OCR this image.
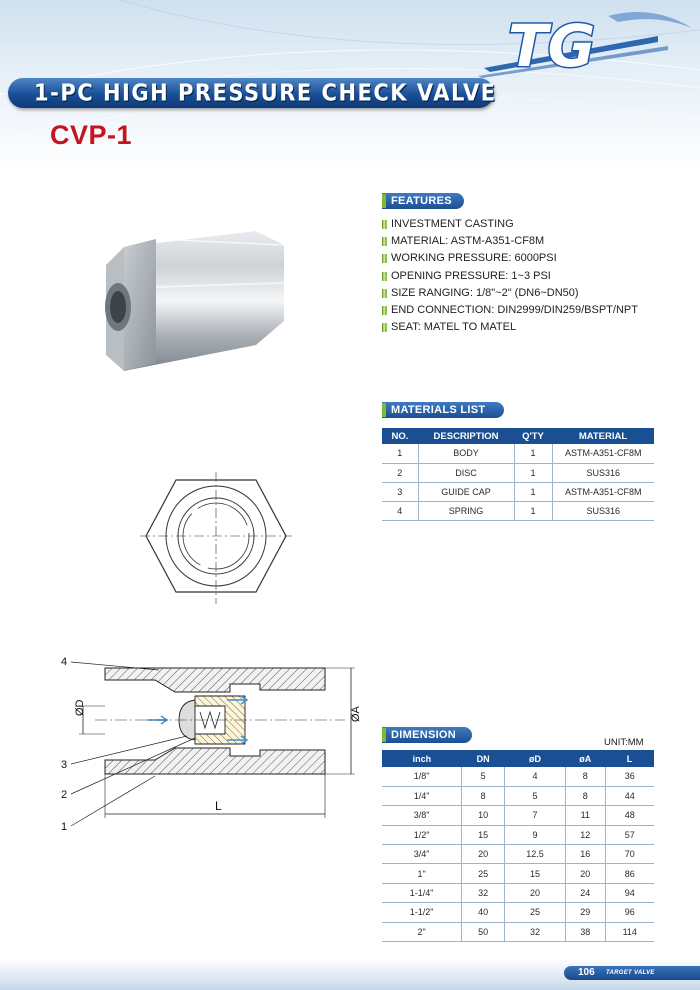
TG
1-PC HIGH PRESSURE CHECK VALVE
CVP-1
FEATURES
INVESTMENT CASTING
MATERIAL: ASTM-A351-CF8M
WORKING PRESSURE: 6000PSI
OPENING PRESSURE: 1~3 PSI
SIZE RANGING: 1/8"~2" (DN6~DN50)
END CONNECTION: DIN2999/DIN259/BSPT/NPT
SEAT: MATEL TO MATEL
MATERIALS LIST
NO.	DESCRIPTION	Q'TY	MATERIAL
1	BODY	1	ASTM-A351-CF8M
2	DISC	1	SUS316
3	GUIDE CAP	1	ASTM-A351-CF8M
4	SPRING	1	SUS316
ØD	ØA
L
4
3
2
1
DIMENSION
UNIT:MM
inch	DN	øD	øA	L
1/8"	5	4	8	36
1/4"	8	5	8	44
3/8"	10	7	11	48
1/2"	15	9	12	57
3/4"	20	12.5	16	70
1"	25	15	20	86
1-1/4"	32	20	24	94
1-1/2"	40	25	29	96
2"	50	32	38	114
106 TARGET VALVE
